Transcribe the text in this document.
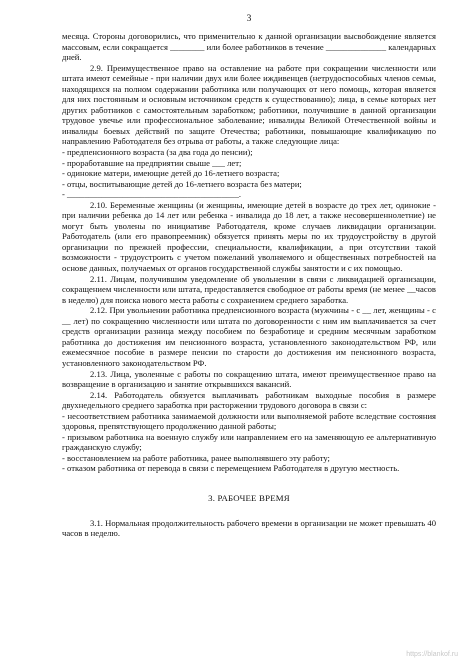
3

месяца. Стороны договорились, что применительно к данной организации высвобождение является массовым, если сокращается ________ или более работников в течение ______________ календарных дней.

2.9. Преимущественное право на оставление на работе при сокращении численности или штата имеют семейные - при наличии двух или более иждивенцев (нетрудоспособных членов семьи, находящихся на полном содержании работника или получающих от него помощь, которая является для них постоянным и основным источником средств к существованию); лица, в семье которых нет других работников с самостоятельным заработком; работники, получившие в данной организации трудовое увечье или профессиональное заболевание; инвалиды Великой Отечественной войны и инвалиды боевых действий по защите Отечества; работники, повышающие квалификацию по направлению Работодателя без отрыва от работы, а также следующие лица:

- предпенсионного возраста (за два года до пенсии);

- проработавшие на предприятии свыше ___ лет;

- одинокие матери, имеющие детей до 16-летнего возраста;

- отцы, воспитывающие детей до 16-летнего возраста без матери;

- ________________________________________.

2.10. Беременные женщины (и женщины, имеющие детей в возрасте до трех лет, одинокие - при наличии ребенка до 14 лет или ребенка - инвалида до 18 лет, а также несовершеннолетние) не могут быть уволены по инициативе Работодателя, кроме случаев ликвидации организации. Работодатель (или его правопреемник) обязуется принять меры по их трудоустройству в другой организации по прежней профессии, специальности, квалификации, а при отсутствии такой возможности - трудоустроить с учетом пожеланий уволняемого и общественных потребностей на основе данных, получаемых от органов государственной службы занятости и с их помощью.

2.11. Лицам, получившим уведомление об увольнении в связи с ликвидацией организации, сокращением численности или штата, предоставляется свободное от работы время (не менее __часов в неделю) для поиска нового места работы с сохранением среднего заработка.

2.12. При увольнении работника предпенсионного возраста (мужчины - с __ лет, женщины - с __ лет) по сокращению численности или штата по договоренности с ним им выплачивается за счет средств организации разница между пособием по безработице и средним месячным заработком работника до достижения им пенсионного возраста, установленного законодательством РФ, или ежемесячное пособие в размере пенсии по старости до достижения им пенсионного возраста, установленного законодательством РФ.

2.13. Лица, уволенные с работы по сокращению штата, имеют преимущественное право на возвращение в организацию и занятие открывшихся вакансий.

2.14. Работодатель обязуется выплачивать работникам выходные пособия в размере двухнедельного среднего заработка при расторжении трудового договора в связи с:

- несоответствием работника занимаемой должности или выполняемой работе вследствие состояния здоровья, препятствующего продолжению данной работы;

- призывом работника на военную службу или направлением его на заменяющую ее альтернативную гражданскую службу;

- восстановлением на работе работника, ранее выполнявшего эту работу;

- отказом работника от перевода в связи с перемещением Работодателя в другую местность.

3. РАБОЧЕЕ ВРЕМЯ

3.1. Нормальная продолжительность рабочего времени в организации не может превышать 40 часов в неделю.

https://blankof.ru
